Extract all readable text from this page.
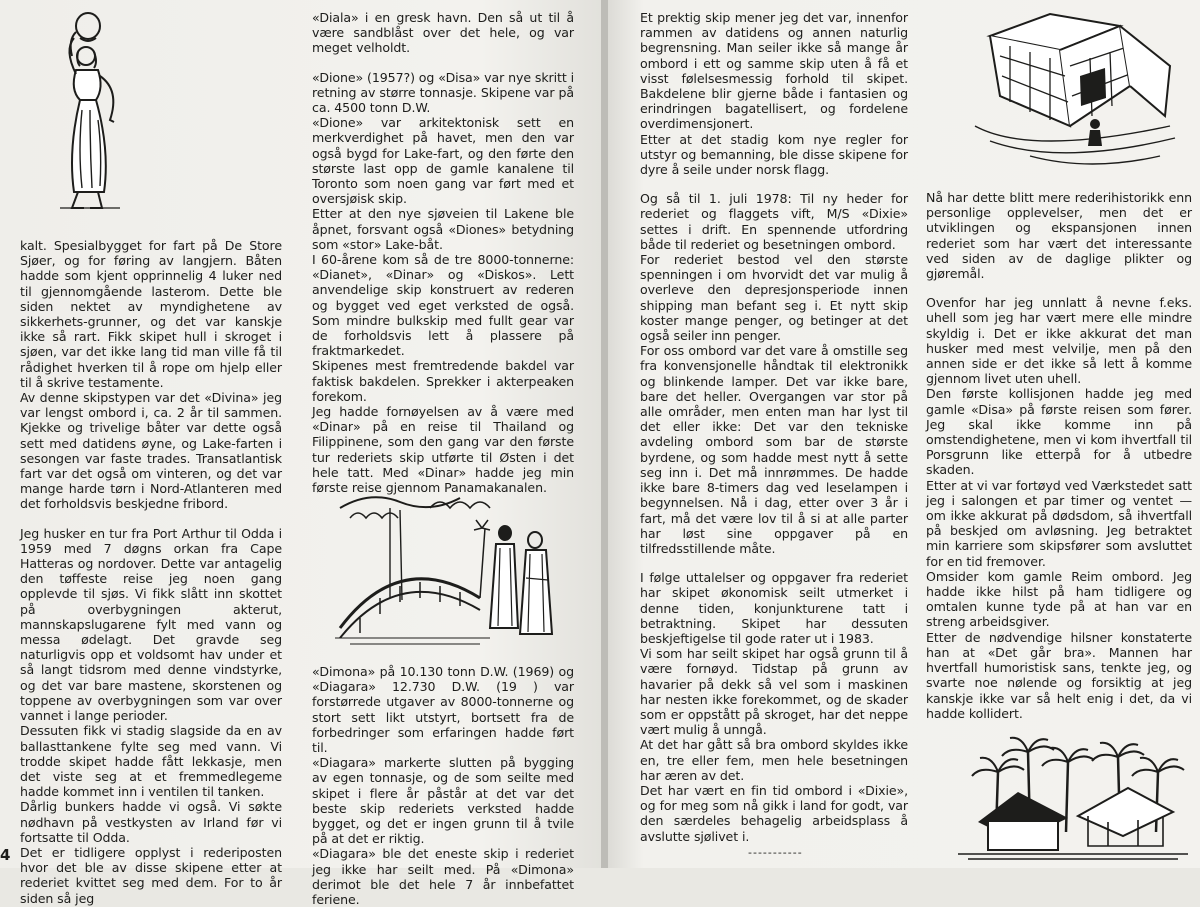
kalt. Spesialbygget for fart på De Store Sjøer, og for føring av langjern. Båten hadde som kjent opprinnelig 4 luker ned til gjennomgående lasterom. Dette ble siden nektet av myndighetene av sikkerhets-grunner, og det var kanskje ikke så rart. Fikk skipet hull i skroget i sjøen, var det ikke lang tid man ville få til rådighet hverken til å rope om hjelp eller til å skrive testamente.

Av denne skipstypen var det «Divina» jeg var lengst ombord i, ca. 2 år til sammen. Kjekke og trivelige båter var dette også sett med datidens øyne, og Lake-farten i sesongen var faste trades. Transatlantisk fart var det også om vinteren, og det var mange harde tørn i Nord-Atlanteren med det forholdsvis beskjedne fribord.

Jeg husker en tur fra Port Arthur til Odda i 1959 med 7 døgns orkan fra Cape Hatteras og nordover. Dette var antagelig den tøffeste reise jeg noen gang opplevde til sjøs. Vi fikk slått inn skottet på overbygningen akterut, mannskapslugarene fylt med vann og messa ødelagt. Det gravde seg naturligvis opp et voldsomt hav under et så langt tidsrom med denne vindstyrke, og det var bare mastene, skorstenen og toppene av overbygningen som var over vannet i lange perioder.

Dessuten fikk vi stadig slagside da en av ballasttankene fylte seg med vann. Vi trodde skipet hadde fått lekkasje, men det viste seg at et fremmedlegeme hadde kommet inn i ventilen til tanken.

Dårlig bunkers hadde vi også. Vi søkte nødhavn på vestkysten av Irland før vi fortsatte til Odda.

Det er tidligere opplyst i rederiposten hvor det ble av disse skipene etter at rederiet kvittet seg med dem. For to år siden så jeg

«Diala» i en gresk havn. Den så ut til å være sandblåst over det hele, og var meget velholdt.

«Dione» (1957?) og «Disa» var nye skritt i retning av større tonnasje. Skipene var på ca. 4500 tonn D.W.

«Dione» var arkitektonisk sett en merkverdighet på havet, men den var også bygd for Lake-fart, og den førte den største last opp de gamle kanalene til Toronto som noen gang var ført med et oversjøisk skip.

Etter at den nye sjøveien til Lakene ble åpnet, forsvant også «Diones» betydning som «stor» Lake-båt.

I 60-årene kom så de tre 8000-tonnerne: «Dianet», «Dinar» og «Diskos». Lett anvendelige skip konstruert av rederen og bygget ved eget verksted de også. Som mindre bulkskip med fullt gear var de forholdsvis lett å plassere på fraktmarkedet.

Skipenes mest fremtredende bakdel var faktisk bakdelen. Sprekker i akterpeaken forekom.

Jeg hadde fornøyelsen av å være med «Dinar» på en reise til Thailand og Filippinene, som den gang var den første tur rederiets skip utførte til Østen i det hele tatt. Med «Dinar» hadde jeg min første reise gjennom Panamakanalen.

«Dimona» på 10.130 tonn D.W. (1969) og «Diagara» 12.730 D.W. (19 ) var forstørrede utgaver av 8000-tonnerne og stort sett likt utstyrt, bortsett fra de forbedringer som erfaringen hadde ført til.

«Diagara» markerte slutten på bygging av egen tonnasje, og de som seilte med skipet i flere år påstår at det var det beste skip rederiets verksted hadde bygget, og det er ingen grunn til å tvile på at det er riktig.

«Diagara» ble det eneste skip i rederiet jeg ikke har seilt med. På «Dimona» derimot ble det hele 7 år innbefattet feriene.

4

Et prektig skip mener jeg det var, innenfor rammen av datidens og annen naturlig begrensning. Man seiler ikke så mange år ombord i ett og samme skip uten å få et visst følelsesmessig forhold til skipet. Bakdelene blir gjerne både i fantasien og erindringen bagatellisert, og fordelene overdimensjonert.

Etter at det stadig kom nye regler for utstyr og bemanning, ble disse skipene for dyre å seile under norsk flagg.

Og så til 1. juli 1978: Til ny heder for rederiet og flaggets vift, M/S «Dixie» settes i drift. En spennende utfordring både til rederiet og besetningen ombord.

For rederiet bestod vel den største spenningen i om hvorvidt det var mulig å overleve den depresjonsperiode innen shipping man befant seg i. Et nytt skip koster mange penger, og betinger at det også seiler inn penger.

For oss ombord var det vare å omstille seg fra konvensjonelle håndtak til elektronikk og blinkende lamper. Det var ikke bare, bare det heller. Overgangen var stor på alle områder, men enten man har lyst til det eller ikke: Det var den tekniske avdeling ombord som bar de største byrdene, og som hadde mest nytt å sette seg inn i. Det må innrømmes. De hadde ikke bare 8-timers dag ved leselampen i begynnelsen. Nå i dag, etter over 3 år i fart, må det være lov til å si at alle parter har løst sine oppgaver på en tilfredsstillende måte.

I følge uttalelser og oppgaver fra rederiet har skipet økonomisk seilt utmerket i denne tiden, konjunkturene tatt i betraktning. Skipet har dessuten beskjeftigelse til gode rater ut i 1983.

Vi som har seilt skipet har også grunn til å være fornøyd. Tidstap på grunn av havarier på dekk så vel som i maskinen har nesten ikke forekommet, og de skader som er oppstått på skroget, har det neppe vært mulig å unngå.

At det har gått så bra ombord skyldes ikke en, tre eller fem, men hele besetningen har æren av det.

Det har vært en fin tid ombord i «Dixie», og for meg som nå gikk i land for godt, var den særdeles behagelig arbeidsplass å avslutte sjølivet i.

Nå har dette blitt mere rederihistorikk enn personlige opplevelser, men det er utviklingen og ekspansjonen innen rederiet som har vært det interessante ved siden av de daglige plikter og gjøremål.

Ovenfor har jeg unnlatt å nevne f.eks. uhell som jeg har vært mere elle mindre skyldig i. Det er ikke akkurat det man husker med mest velvilje, men på den annen side er det ikke så lett å komme gjennom livet uten uhell.

Den første kollisjonen hadde jeg med gamle «Disa» på første reisen som fører. Jeg skal ikke komme inn på omstendighetene, men vi kom ihvertfall til Porsgrunn like etterpå for å utbedre skaden.

Etter at vi var fortøyd ved Værkstedet satt jeg i salongen et par timer og ventet — om ikke akkurat på dødsdom, så ihvertfall på beskjed om avløsning. Jeg betraktet min karriere som skipsfører som avsluttet for en tid fremover.

Omsider kom gamle Reim ombord. Jeg hadde ikke hilst på ham tidligere og omtalen kunne tyde på at han var en streng arbeidsgiver.

Etter de nødvendige hilsner konstaterte han at «Det går bra». Mannen har hvertfall humoristisk sans, tenkte jeg, og svarte noe nølende og forsiktig at jeg kanskje ikke var så helt enig i det, da vi hadde kollidert.

-----------
